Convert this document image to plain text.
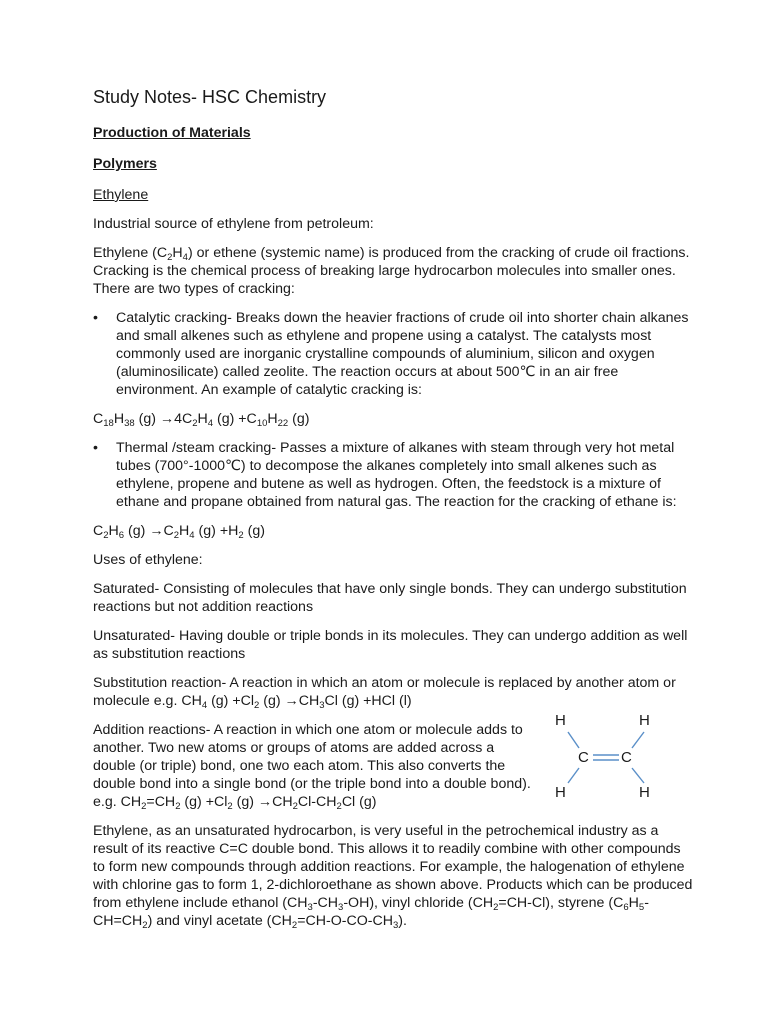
Study Notes- HSC Chemistry
Production of Materials
Polymers
Ethylene

Industrial source of ethylene from petroleum:

Ethylene $(C_2H_4)$ or ethene (systemic name) is produced from the cracking of crude oil fractions. Cracking is the chemical process of breaking large hydrocarbon molecules into smaller ones. There are two types of cracking:

• Catalytic cracking- Breaks down the heavier fractions of crude oil into shorter chain alkanes and small alkenes such as ethylene and propene using a catalyst. The catalysts most commonly used are inorganic crystalline compounds of aluminium, silicon and oxygen (aluminosilicate) called zeolite. The reaction occurs at about 500℃ in an air free environment. An example of catalytic cracking is:
$C_{18}H_{38}$ $(g) \to 4C_2H_4$ $(g) +C_{10}H_{22}$ (g)
• Thermal /steam cracking- Passes a mixture of alkanes with steam through very hot metal tubes (700°-1000℃) to decompose the alkanes completely into small alkenes such as ethylene, propene and butene as well as hydrogen. Often, the feedstock is a mixture of ethane and propane obtained from natural gas. The reaction for the cracking of ethane is:
$C_2H_6$ $(g) \to C_2H_4$ $(g) +H_2$ (g)

Uses of ethylene:

Saturated- Consisting of molecules that have only single bonds. They can undergo substitution reactions but not addition reactions

Unsaturated- Having double or triple bonds in its molecules. They can undergo addition as well as substitution reactions

Substitution reaction- A reaction in which an atom or molecule is replaced by another atom or molecule e.g. $CH_4$ $(g) +Cl_2$ $(g) \to CH_3Cl$ (g) +HCl (l)

Addition reactions- A reaction in which one atom or molecule adds to another. Two new atoms or groups of atoms are added across a double (or triple) bond, one two each atom. This also converts the double bond into a single bond (or the triple bond into a double bond). e.g. $CH_2=CH_2$ $(g) +Cl_2$ $(g) \to CH_2Cl-CH_2Cl$ (g)

H	H
C C
H	H

Ethylene, as an unsaturated hydrocarbon, is very useful in the petrochemical industry as a result of its reactive C=C double bond. This allows it to readily combine with other compounds to form new compounds through addition reactions. For example, the halogenation of ethylene with chlorine gas to form 1, 2-dichloroethane as shown above. Products which can be produced from ethylene include ethanol $(CH_3-CH_3-OH)$, vinyl chloride $(CH_2=CH-Cl)$, styrene $(C_6H_5-CH=CH_2)$ and vinyl acetate $(CH_2=CH-O-CO-CH_3)$.
